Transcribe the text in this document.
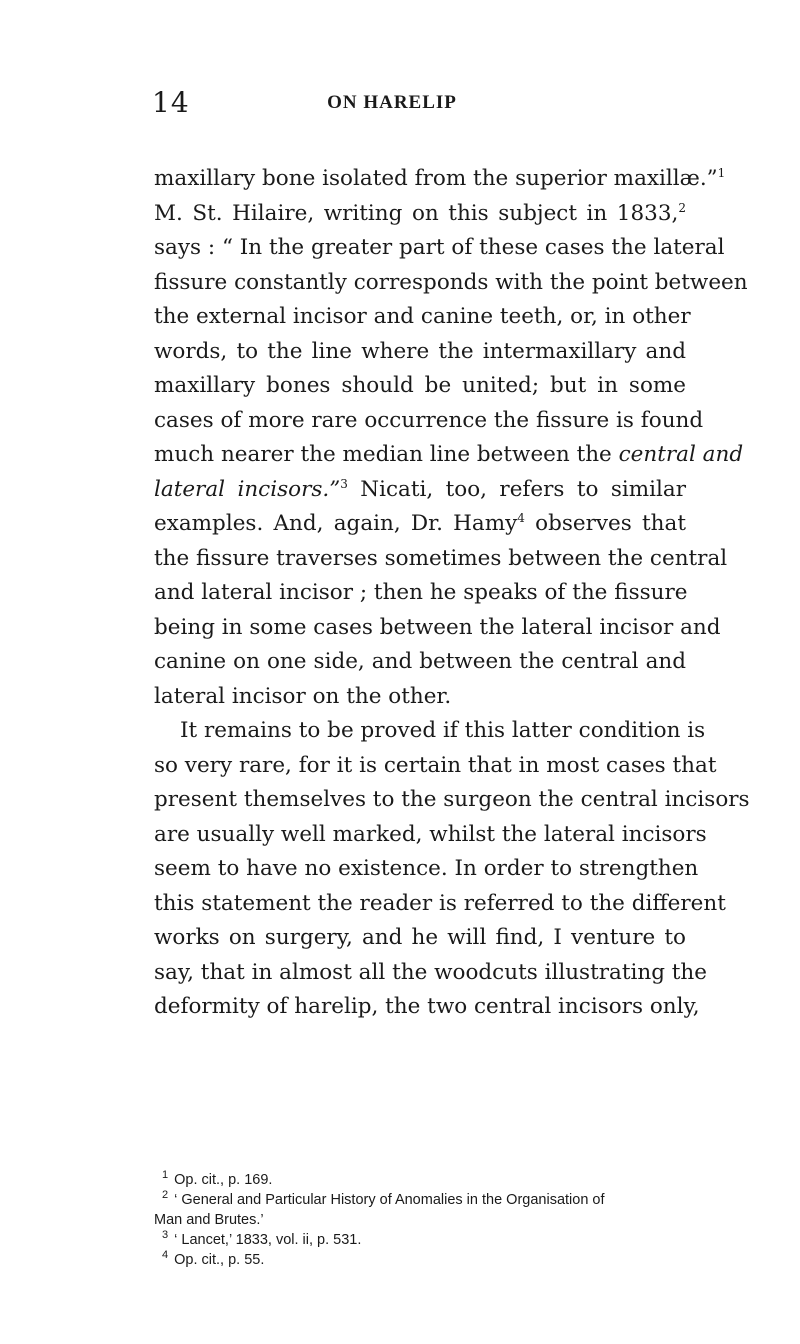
14	ON HARELIP
maxillary bone isolated from the superior maxillæ.”$^1$
M. St. Hilaire, writing on this subject in 1833,$^2$
says : “ In the greater part of these cases the lateral
fissure constantly corresponds with the point between
the external incisor and canine teeth, or, in other
words, to the line where the intermaxillary and
maxillary bones should be united; but in some
cases of more rare occurrence the fissure is found
much nearer the median line between the central and
lateral incisors.”$^3$ Nicati, too, refers to similar
examples. And, again, Dr. Hamy$^4$ observes that
the fissure traverses sometimes between the central
and lateral incisor ; then he speaks of the fissure
being in some cases between the lateral incisor and
canine on one side, and between the central and
lateral incisor on the other.
It remains to be proved if this latter condition is
so very rare, for it is certain that in most cases that
present themselves to the surgeon the central incisors
are usually well marked, whilst the lateral incisors
seem to have no existence. In order to strengthen
this statement the reader is referred to the different
works on surgery, and he will find, I venture to
say, that in almost all the woodcuts illustrating the
deformity of harelip, the two central incisors only,
$^1$ Op. cit., p. 169.
$^2$ ‘ General and Particular History of Anomalies in the Organisation of
Man and Brutes.’
$^3$ ‘ Lancet,’ 1833, vol. ii, p. 531.
$^4$ Op. cit., p. 55.
